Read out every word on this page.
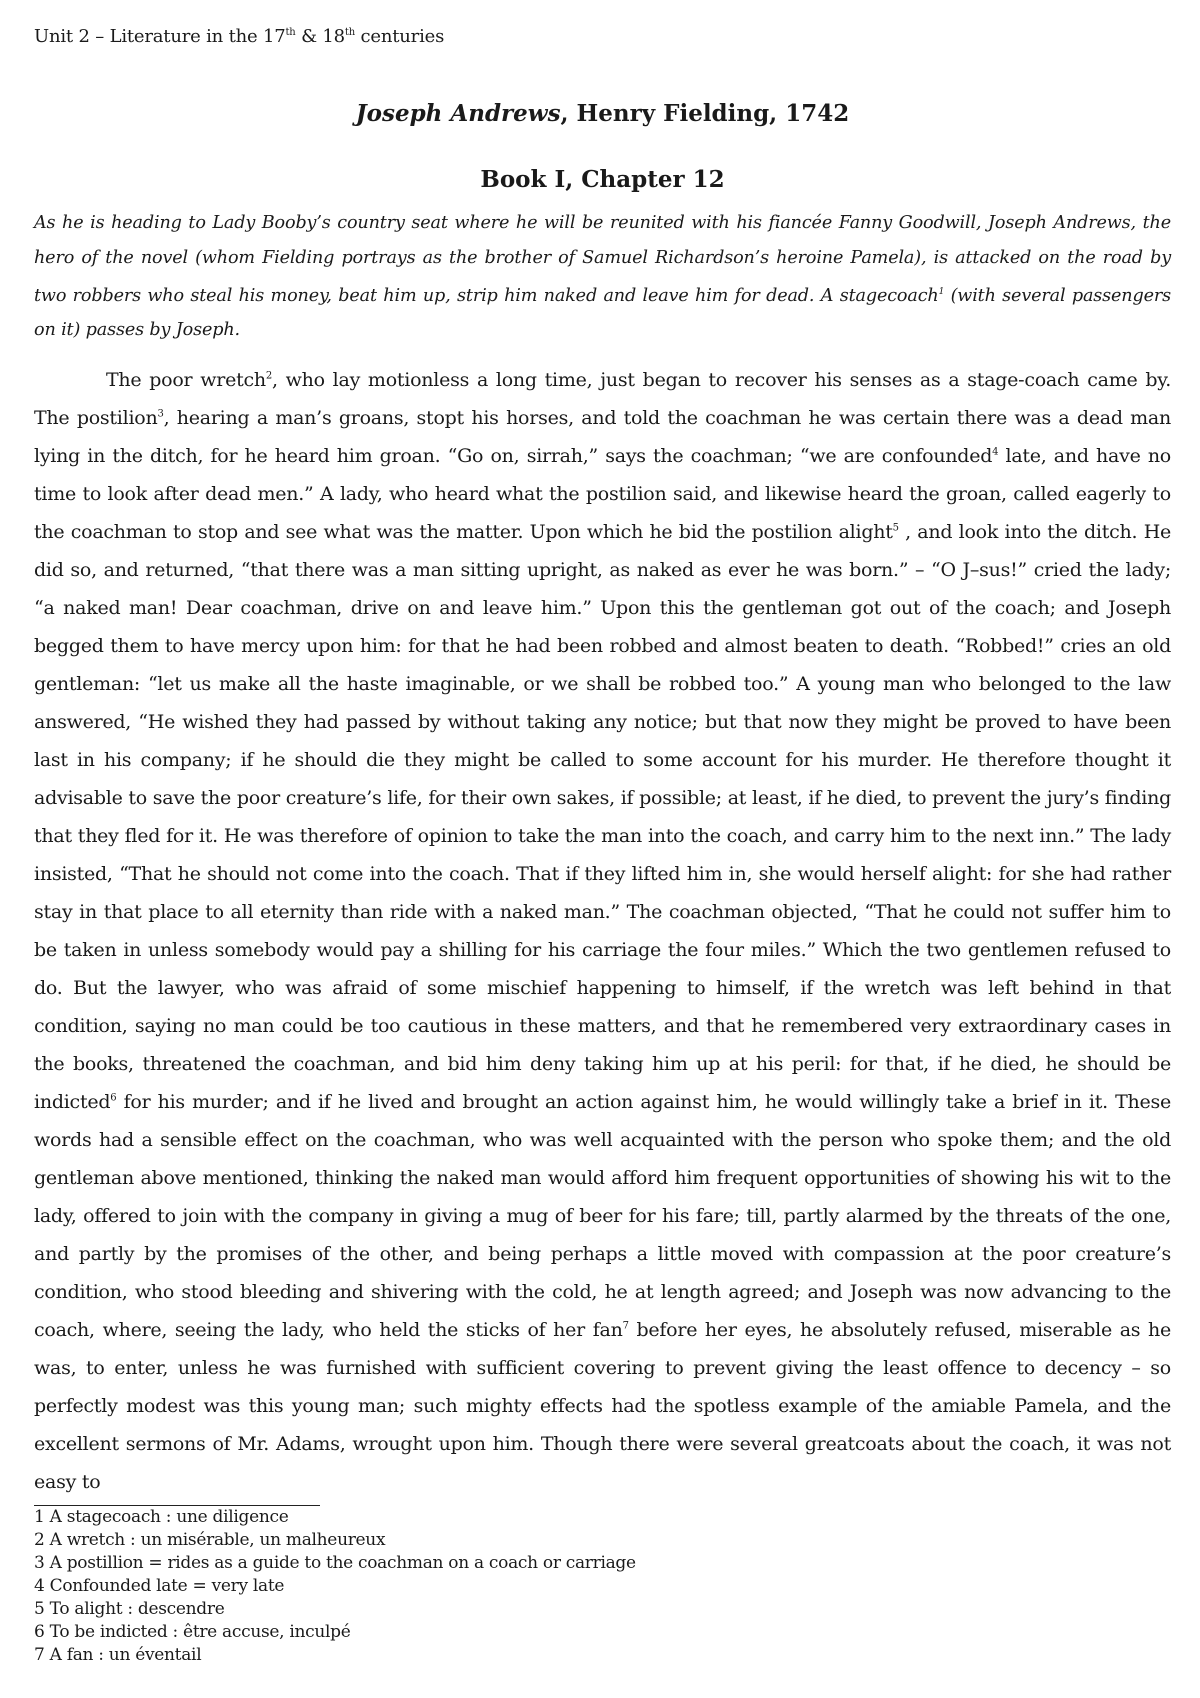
Unit 2 – Literature in the 17th & 18th centuries
Joseph Andrews, Henry Fielding, 1742
Book I, Chapter 12
As he is heading to Lady Booby’s country seat where he will be reunited with his fiancée Fanny Goodwill, Joseph Andrews, the hero of the novel (whom Fielding portrays as the brother of Samuel Richardson’s heroine Pamela), is attacked on the road by two robbers who steal his money, beat him up, strip him naked and leave him for dead. A stagecoach$^1$ (with several passengers on it) passes by Joseph.

The poor wretch$^2$, who lay motionless a long time, just began to recover his senses as a stage-coach came by. The postilion$^3$, hearing a man’s groans, stopt his horses, and told the coachman he was certain there was a dead man lying in the ditch, for he heard him groan. “Go on, sirrah,” says the coachman; “we are confounded$^4$ late, and have no time to look after dead men.” A lady, who heard what the postilion said, and likewise heard the groan, called eagerly to the coachman to stop and see what was the matter. Upon which he bid the postilion alight$^5$ , and look into the ditch. He did so, and returned, “that there was a man sitting upright, as naked as ever he was born.” – “O J–sus!” cried the lady; “a naked man! Dear coachman, drive on and leave him.” Upon this the gentleman got out of the coach; and Joseph begged them to have mercy upon him: for that he had been robbed and almost beaten to death. “Robbed!” cries an old gentleman: “let us make all the haste imaginable, or we shall be robbed too.” A young man who belonged to the law answered, “He wished they had passed by without taking any notice; but that now they might be proved to have been last in his company; if he should die they might be called to some account for his murder. He therefore thought it advisable to save the poor creature’s life, for their own sakes, if possible; at least, if he died, to prevent the jury’s finding that they fled for it. He was therefore of opinion to take the man into the coach, and carry him to the next inn.” The lady insisted, “That he should not come into the coach. That if they lifted him in, she would herself alight: for she had rather stay in that place to all eternity than ride with a naked man.” The coachman objected, “That he could not suffer him to be taken in unless somebody would pay a shilling for his carriage the four miles.” Which the two gentlemen refused to do. But the lawyer, who was afraid of some mischief happening to himself, if the wretch was left behind in that condition, saying no man could be too cautious in these matters, and that he remembered very extraordinary cases in the books, threatened the coachman, and bid him deny taking him up at his peril: for that, if he died, he should be indicted$^6$ for his murder; and if he lived and brought an action against him, he would willingly take a brief in it. These words had a sensible effect on the coachman, who was well acquainted with the person who spoke them; and the old gentleman above mentioned, thinking the naked man would afford him frequent opportunities of showing his wit to the lady, offered to join with the company in giving a mug of beer for his fare; till, partly alarmed by the threats of the one, and partly by the promises of the other, and being perhaps a little moved with compassion at the poor creature’s condition, who stood bleeding and shivering with the cold, he at length agreed; and Joseph was now advancing to the coach, where, seeing the lady, who held the sticks of her fan$^7$ before her eyes, he absolutely refused, miserable as he was, to enter, unless he was furnished with sufficient covering to prevent giving the least offence to decency – so perfectly modest was this young man; such mighty effects had the spotless example of the amiable Pamela, and the excellent sermons of Mr. Adams, wrought upon him. Though there were several greatcoats about the coach, it was not easy to

1 A stagecoach : une diligence
2 A wretch : un misérable, un malheureux
3 A postillion = rides as a guide to the coachman on a coach or carriage
4 Confounded late = very late
5 To alight : descendre
6 To be indicted : être accuse, inculpé
7 A fan : un éventail
